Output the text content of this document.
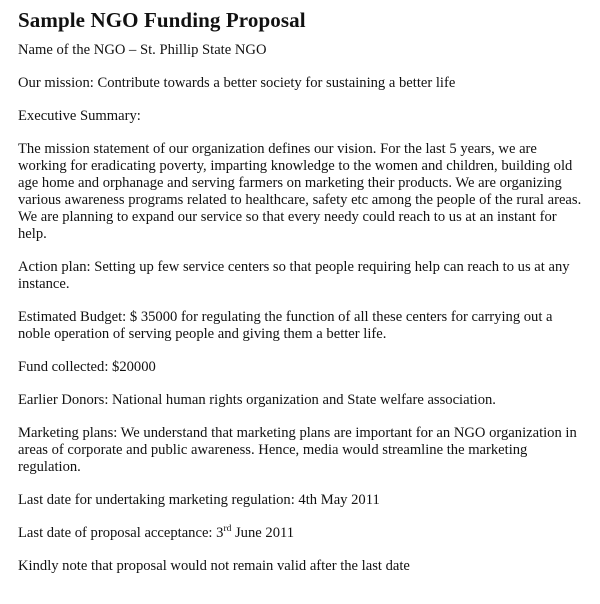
Sample NGO Funding Proposal
Name of the NGO – St. Phillip State NGO
Our mission: Contribute towards a better society for sustaining a better life
Executive Summary:
The mission statement of our organization defines our vision. For the last 5 years, we are
working for eradicating poverty, imparting knowledge to the women and children, building old
age home and orphanage and serving farmers on marketing their products. We are organizing
various awareness programs related to healthcare, safety etc among the people of the rural areas.
We are planning to expand our service so that every needy could reach to us at an instant for
help.
Action plan: Setting up few service centers so that people requiring help can reach to us at any
instance.
Estimated Budget: $ 35000 for regulating the function of all these centers for carrying out a
noble operation of serving people and giving them a better life.
Fund collected: $20000
Earlier Donors: National human rights organization and State welfare association.
Marketing plans: We understand that marketing plans are important for an NGO organization in
areas of corporate and public awareness. Hence, media would streamline the marketing
regulation.
Last date for undertaking marketing regulation: 4th May 2011
Last date of proposal acceptance: 3rd June 2011
Kindly note that proposal would not remain valid after the last date
